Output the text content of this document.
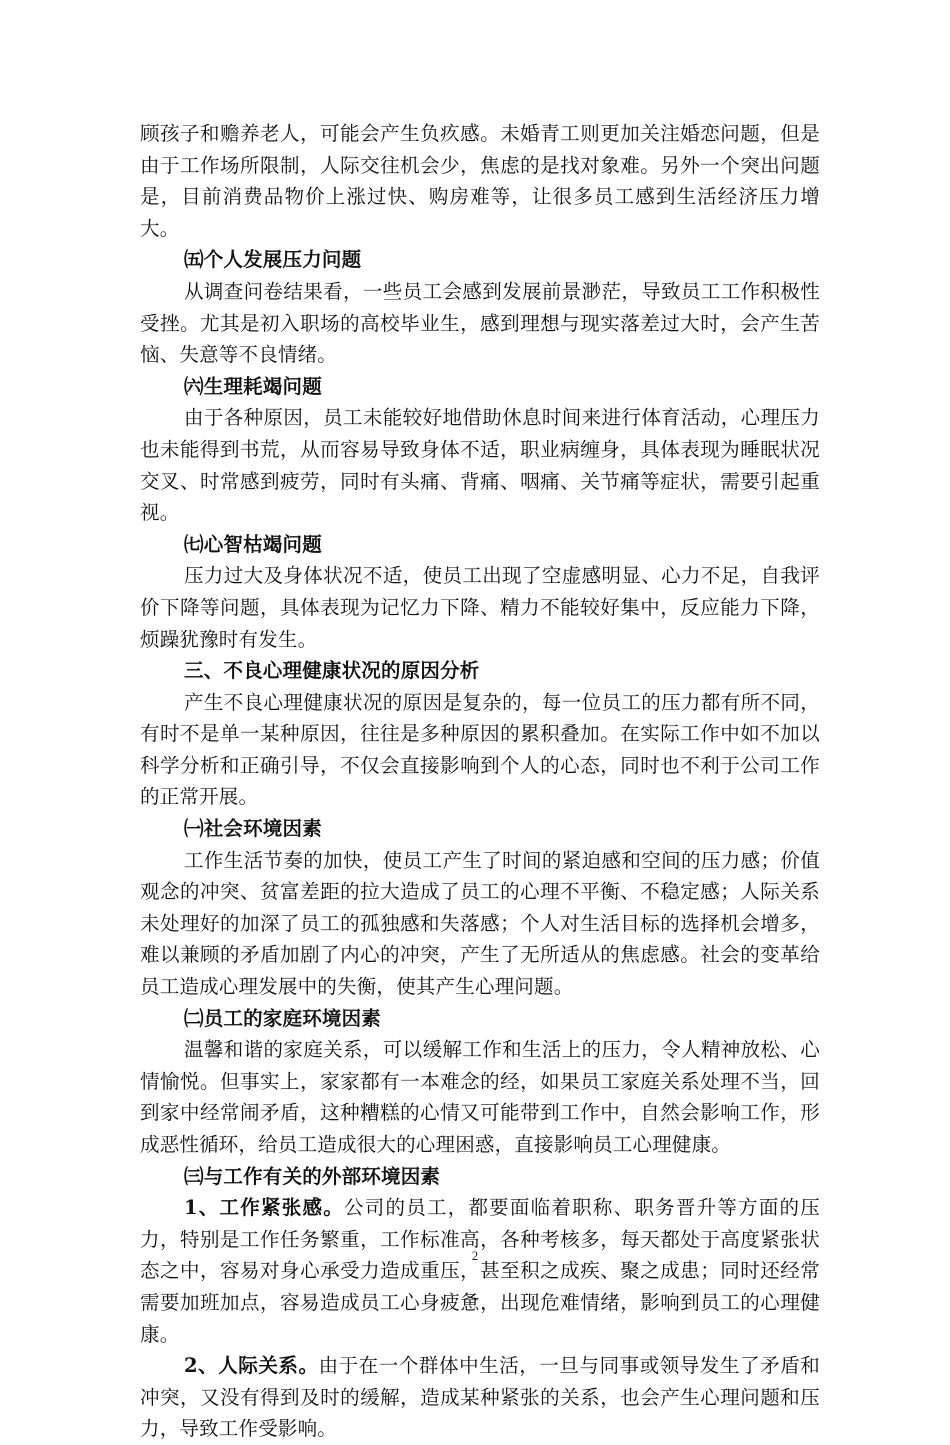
顾孩子和赡养老人，可能会产生负疚感。未婚青工则更加关注婚恋问题，但是由于工作场所限制，人际交往机会少，焦虑的是找对象难。另外一个突出问题是，目前消费品物价上涨过快、购房难等，让很多员工感到生活经济压力增大。

㈤个人发展压力问题

从调查问卷结果看，一些员工会感到发展前景渺茫，导致员工工作积极性受挫。尤其是初入职场的高校毕业生，感到理想与现实落差过大时，会产生苦恼、失意等不良情绪。

㈥生理耗竭问题

由于各种原因，员工未能较好地借助休息时间来进行体育活动，心理压力也未能得到书荒，从而容易导致身体不适，职业病缠身，具体表现为睡眠状况交叉、时常感到疲劳，同时有头痛、背痛、咽痛、关节痛等症状，需要引起重视。

㈦心智枯竭问题

压力过大及身体状况不适，使员工出现了空虚感明显、心力不足，自我评价下降等问题，具体表现为记忆力下降、精力不能较好集中，反应能力下降，烦躁犹豫时有发生。

三、不良心理健康状况的原因分析

产生不良心理健康状况的原因是复杂的，每一位员工的压力都有所不同，有时不是单一某种原因，往往是多种原因的累积叠加。在实际工作中如不加以科学分析和正确引导，不仅会直接影响到个人的心态，同时也不利于公司工作的正常开展。

㈠社会环境因素

工作生活节奏的加快，使员工产生了时间的紧迫感和空间的压力感；价值观念的冲突、贫富差距的拉大造成了员工的心理不平衡、不稳定感；人际关系未处理好的加深了员工的孤独感和失落感；个人对生活目标的选择机会增多，难以兼顾的矛盾加剧了内心的冲突，产生了无所适从的焦虑感。社会的变革给员工造成心理发展中的失衡，使其产生心理问题。

㈡员工的家庭环境因素

温馨和谐的家庭关系，可以缓解工作和生活上的压力，令人精神放松、心情愉悦。但事实上，家家都有一本难念的经，如果员工家庭关系处理不当，回到家中经常闹矛盾，这种糟糕的心情又可能带到工作中，自然会影响工作，形成恶性循环，给员工造成很大的心理困惑，直接影响员工心理健康。

㈢与工作有关的外部环境因素

1、工作紧张感。公司的员工，都要面临着职称、职务晋升等方面的压力，特别是工作任务繁重，工作标准高，各种考核多，每天都处于高度紧张状态之中，容易对身心承受力造成重压，甚至积之成疾、聚之成患；同时还经常需要加班加点，容易造成员工心身疲惫，出现危难情绪，影响到员工的心理健康。

2、人际关系。由于在一个群体中生活，一旦与同事或领导发生了矛盾和冲突，又没有得到及时的缓解，造成某种紧张的关系，也会产生心理问题和压力，导致工作受影响。

2
